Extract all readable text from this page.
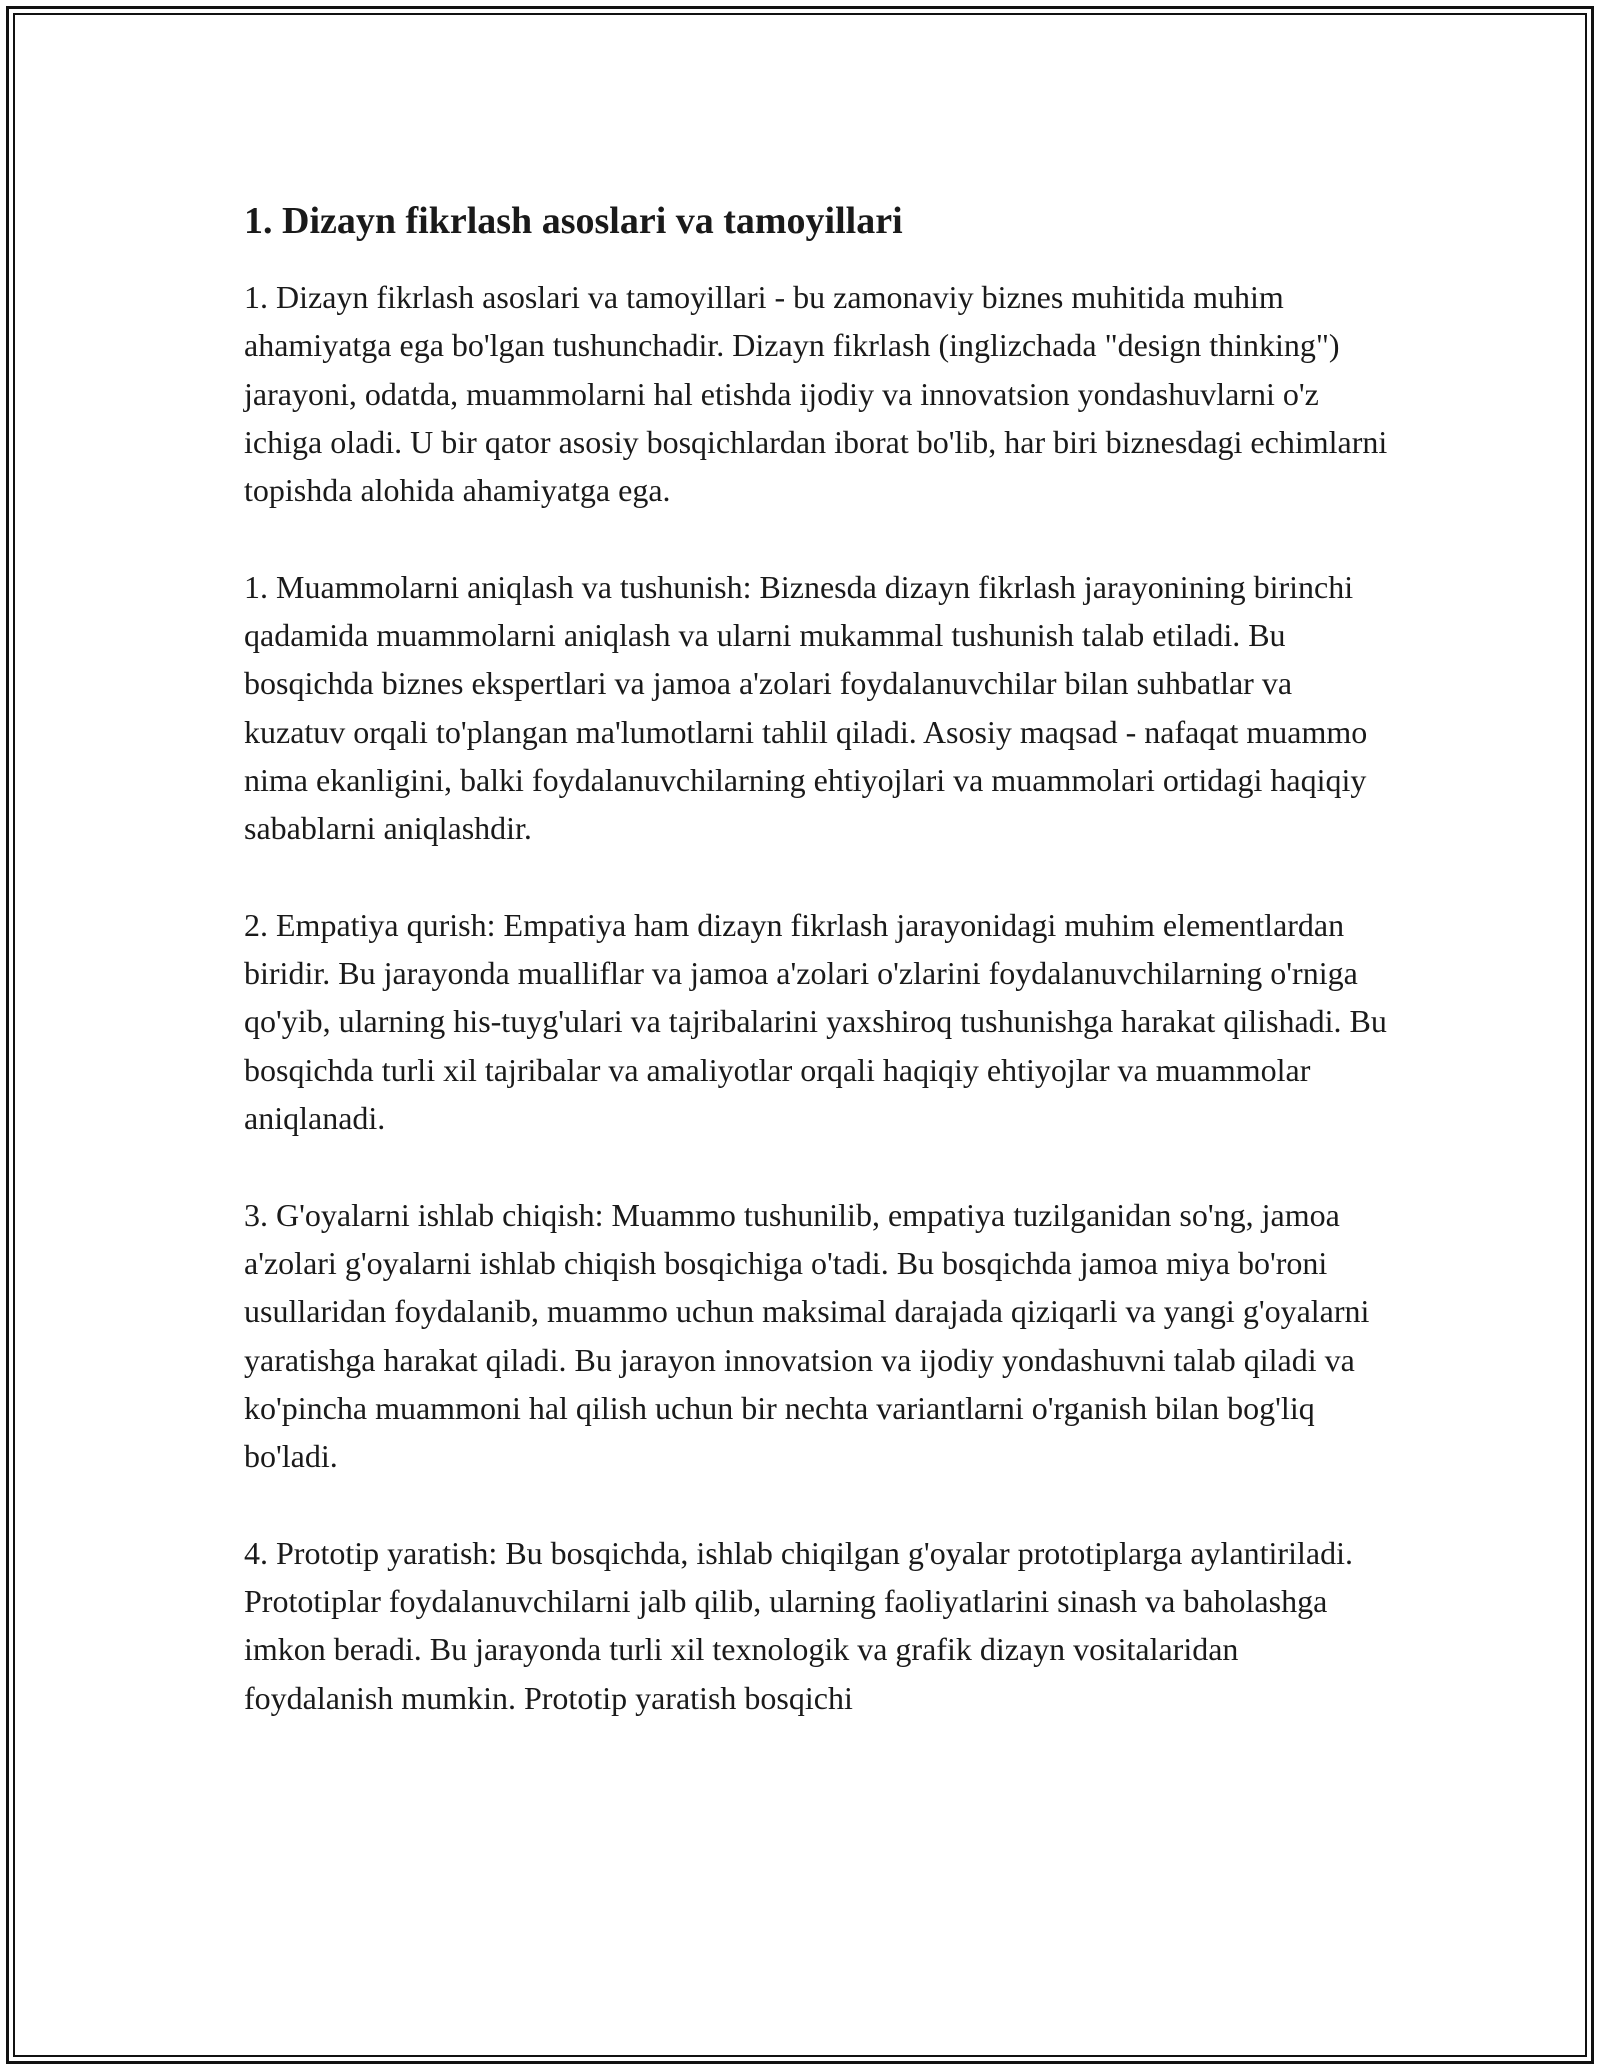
1. Dizayn fikrlash asoslari va tamoyillari

1. Dizayn fikrlash asoslari va tamoyillari - bu zamonaviy biznes muhitida muhim ahamiyatga ega bo'lgan tushunchadir. Dizayn fikrlash (inglizchada "design thinking") jarayoni, odatda, muammolarni hal etishda ijodiy va innovatsion yondashuvlarni o'z ichiga oladi. U bir qator asosiy bosqichlardan iborat bo'lib, har biri biznesdagi echimlarni topishda alohida ahamiyatga ega.

1. Muammolarni aniqlash va tushunish: Biznesda dizayn fikrlash jarayonining birinchi qadamida muammolarni aniqlash va ularni mukammal tushunish talab etiladi. Bu bosqichda biznes ekspertlari va jamoa a'zolari foydalanuvchilar bilan suhbatlar va kuzatuv orqali to'plangan ma'lumotlarni tahlil qiladi. Asosiy maqsad - nafaqat muammo nima ekanligini, balki foydalanuvchilarning ehtiyojlari va muammolari ortidagi haqiqiy sabablarni aniqlashdir.

2. Empatiya qurish: Empatiya ham dizayn fikrlash jarayonidagi muhim elementlardan biridir. Bu jarayonda mualliflar va jamoa a'zolari o'zlarini foydalanuvchilarning o'rniga qo'yib, ularning his-tuyg'ulari va tajribalarini yaxshiroq tushunishga harakat qilishadi. Bu bosqichda turli xil tajribalar va amaliyotlar orqali haqiqiy ehtiyojlar va muammolar aniqlanadi.

3. G'oyalarni ishlab chiqish: Muammo tushunilib, empatiya tuzilganidan so'ng, jamoa a'zolari g'oyalarni ishlab chiqish bosqichiga o'tadi. Bu bosqichda jamoa miya bo'roni usullaridan foydalanib, muammo uchun maksimal darajada qiziqarli va yangi g'oyalarni yaratishga harakat qiladi. Bu jarayon innovatsion va ijodiy yondashuvni talab qiladi va ko'pincha muammoni hal qilish uchun bir nechta variantlarni o'rganish bilan bog'liq bo'ladi.

4. Prototip yaratish: Bu bosqichda, ishlab chiqilgan g'oyalar prototiplarga aylantiriladi. Prototiplar foydalanuvchilarni jalb qilib, ularning faoliyatlarini sinash va baholashga imkon beradi. Bu jarayonda turli xil texnologik va grafik dizayn vositalaridan foydalanish mumkin. Prototip yaratish bosqichi
